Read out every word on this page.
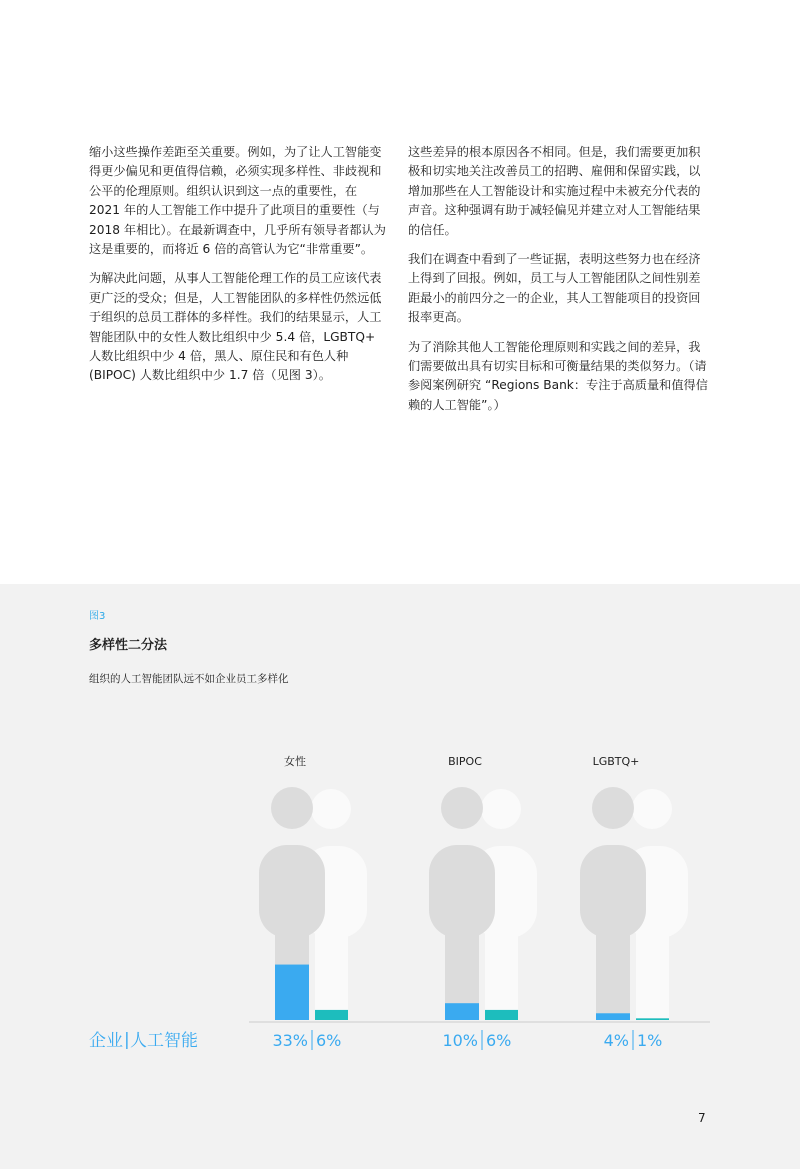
缩小这些操作差距至关重要。例如，为了让人工智能变得更少偏见和更值得信赖，必须实现多样性、非歧视和公平的伦理原则。组织认识到这一点的重要性，在 2021 年的人工智能工作中提升了此项目的重要性（与 2018 年相比）。在最新调查中，几乎所有领导者都认为这是重要的，而将近 6 倍的高管认为它“非常重要”。

为解决此问题，从事人工智能伦理工作的员工应该代表更广泛的受众；但是，人工智能团队的多样性仍然远低于组织的总员工群体的多样性。我们的结果显示，人工智能团队中的女性人数比组织中少 5.4 倍，LGBTQ+ 人数比组织中少 4 倍，黑人、原住民和有色人种 (BIPOC) 人数比组织中少 1.7 倍（见图 3）。

这些差异的根本原因各不相同。但是，我们需要更加积极和切实地关注改善员工的招聘、雇佣和保留实践，以增加那些在人工智能设计和实施过程中未被充分代表的声音。这种强调有助于减轻偏见并建立对人工智能结果的信任。

我们在调查中看到了一些证据，表明这些努力也在经济上得到了回报。例如，员工与人工智能团队之间性别差距最小的前四分之一的企业，其人工智能项目的投资回报率更高。

为了消除其他人工智能伦理原则和实践之间的差异，我们需要做出具有切实目标和可衡量结果的类似努力。（请参阅案例研究 “Regions Bank：专注于高质量和值得信赖的人工智能”。）

图3
多样性二分法
组织的人工智能团队远不如企业员工多样化
女性
33% 6%
BIPOC
10% 6%
LGBTQ+
4% 1%
企业 | 人工智能
7
